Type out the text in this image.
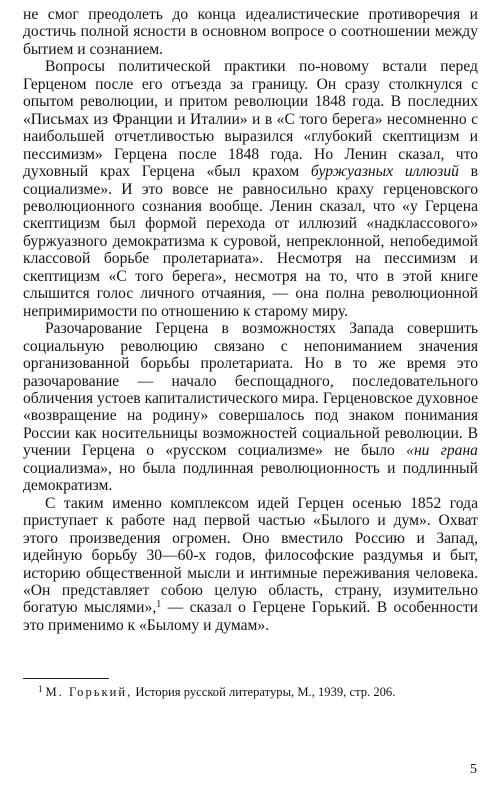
не смог преодолеть до конца идеалистические противоречия и достичь полной ясности в основном вопросе о соотношении между бытием и сознанием.

Вопросы политической практики по-новому встали перед Герценом после его отъезда за границу. Он сразу столкнулся с опытом революции, и притом революции 1848 года. В последних «Письмах из Франции и Италии» и в «С того берега» несомненно с наибольшей отчетливостью выразился «глубокий скептицизм и пессимизм» Герцена после 1848 года. Но Ленин сказал, что духовный крах Герцена «был крахом буржуазных иллюзий в социализме». И это вовсе не равносильно краху герценовского революционного сознания вообще. Ленин сказал, что «у Герцена скептицизм был формой перехода от иллюзий «надклассового» буржуазного демократизма к суровой, непреклонной, непобедимой классовой борьбе пролетариата». Несмотря на пессимизм и скептицизм «С того берега», несмотря на то, что в этой книге слышится голос личного отчаяния, — она полна революционной непримиримости по отношению к старому миру.

Разочарование Герцена в возможностях Запада совершить социальную революцию связано с непониманием значения организованной борьбы пролетариата. Но в то же время это разочарование — начало беспощадного, последовательного обличения устоев капиталистического мира. Герценовское духовное «возвращение на родину» совершалось под знаком понимания России как носительницы возможностей социальной революции. В учении Герцена о «русском социализме» не было «ни грана социализма», но была подлинная революционность и подлинный демократизм.

С таким именно комплексом идей Герцен осенью 1852 года приступает к работе над первой частью «Былого и дум». Охват этого произведения огромен. Оно вместило Россию и Запад, идейную борьбу 30—60-х годов, философские раздумья и быт, историю общественной мысли и интимные переживания человека. «Он представляет собою целую область, страну, изумительно богатую мыслями»,$^1$ — сказал о Герцене Горький. В особенности это применимо к «Былому и думам».

$^1$ М. Горький, История русской литературы, М., 1939, стр. 206.
5
